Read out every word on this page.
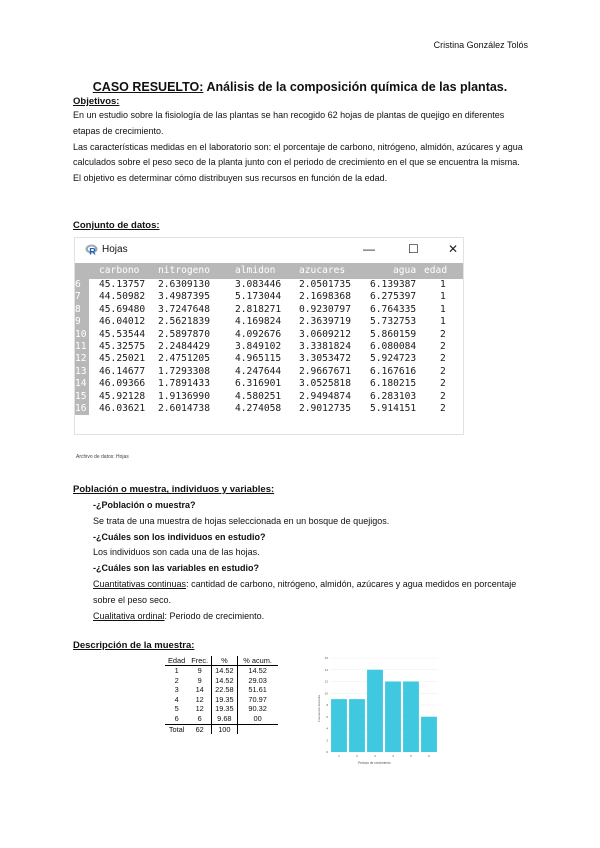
Cristina González Tolós
CASO RESUELTO: Análisis de la composición química de las plantas.
Objetivos:

En un estudio sobre la fisiología de las plantas se han recogido 62 hojas de plantas de quejigo en diferentes etapas de crecimiento.

Las características medidas en el laboratorio son: el porcentaje de carbono, nitrógeno, almidón, azúcares y agua calculados sobre el peso seco de la planta junto con el periodo de crecimiento en el que se encuentra la misma.

El objetivo es determinar cómo distribuyen sus recursos en función de la edad.

Conjunto de datos:
R Hojas	—	☐ ✕
carbono nitrogeno	almidon azucares	agua edad
6	45.13757 2.6309130	3.083446 2.0501735 6.139387 1
7	44.50982 3.4987395	5.173044 2.1698368 6.275397 1
8	45.69480 3.7247648	2.818271 0.9230797 6.764335 1
9	46.04012 2.5621839	4.169824 2.3639719 5.732753 1
10 45.53544 2.5897870	4.092676 3.0609212 5.860159 2
11 45.32575 2.2484429	3.849102 3.3381824 6.080084 2
12 45.25021 2.4751205	4.965115 3.3053472 5.924723 2
13 46.14677 1.7293308	4.247644 2.9667671 6.167616 2
14 46.09366 1.7891433	6.316901 3.0525818 6.180215 2
15 45.92128 1.9136990	4.580251 2.9494874 6.283103 2
16 46.03621 2.6014738	4.274058 2.9012735 5.914151 2
Archivo de datos: Hojas
Población o muestra, individuos y variables:

-¿Población o muestra?

Se trata de una muestra de hojas seleccionada en un bosque de quejigos.

-¿Cuáles son los individuos en estudio?

Los individuos son cada una de las hojas.

-¿Cuáles son las variables en estudio?

Cuantitativas continuas: cantidad de carbono, nitrógeno, almidón, azúcares y agua medidos en porcentaje sobre el peso seco.

Cualitativa ordinal: Periodo de crecimiento.

Descripción de la muestra:
Edad	Frec.	%	% acum.
1	9	14.52	14.52
2	9	14.52	29.03
3	14	22.58	51.61
4	12	19.35	70.97
5	12	19.35	90.32
6	6	9.68	00
Total	62	100	
0
2
4
6
8
10
12
14
16
1	2	3	4	5	6
Frecuencia absoluta
Periodo de crecimiento
